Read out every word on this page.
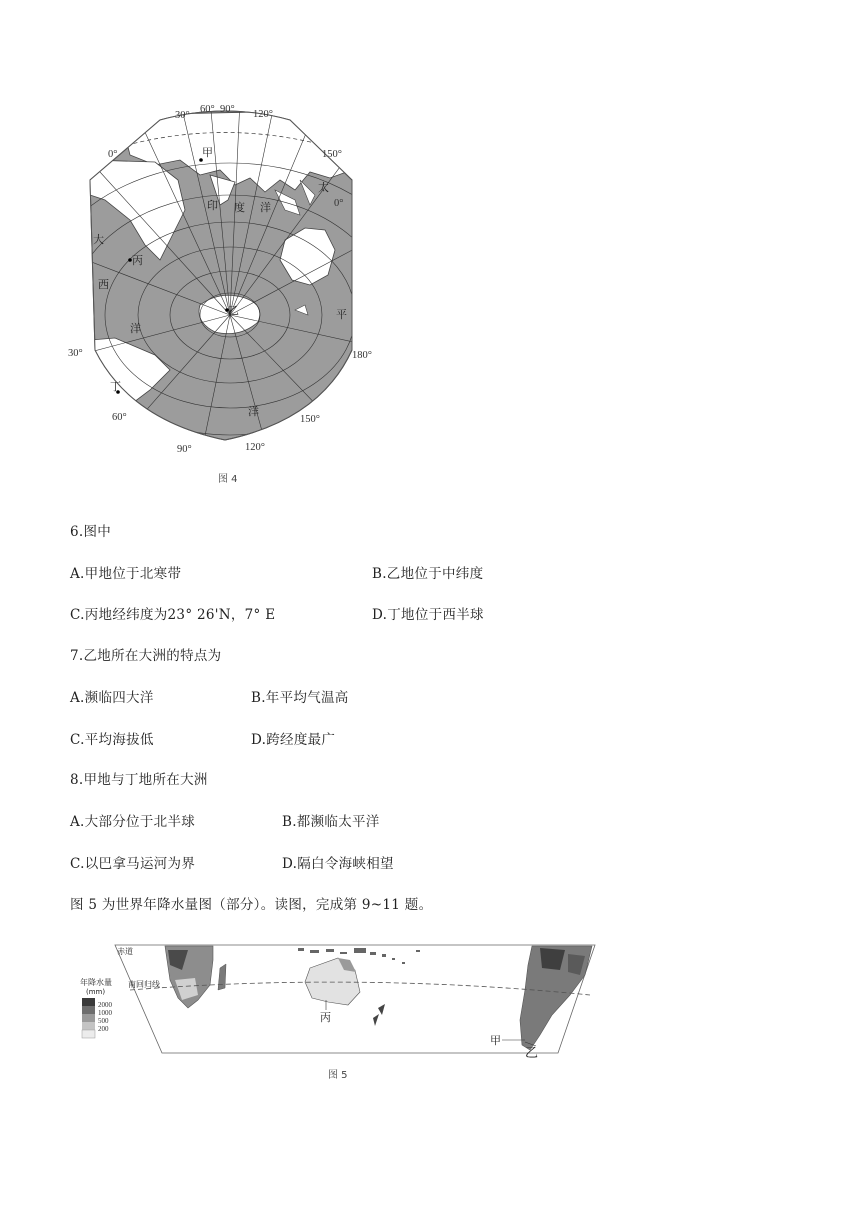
30°
60° 90° 120°
0°	150°
0°
30°	180°
60°	150°
90°	120°
甲
乙
丙
丁
印 度 洋
大
西
洋
太
平
洋
图 4
6.图中
A.甲地位于北寒带	B.乙地位于中纬度
C.丙地经纬度为23° 26'N，7° E	D.丁地位于西半球
7.乙地所在大洲的特点为
A.濒临四大洋	B.年平均气温高
C.平均海拔低	D.跨经度最广
8.甲地与丁地所在大洲
A.大部分位于北半球	B.都濒临太平洋
C.以巴拿马运河为界	D.隔白令海峡相望
图 5 为世界年降水量图（部分）。读图，完成第 9~11 题。
赤道
南回归线
年降水量
(mm)
2000
1000
500
200
丙
甲
乙
图 5
